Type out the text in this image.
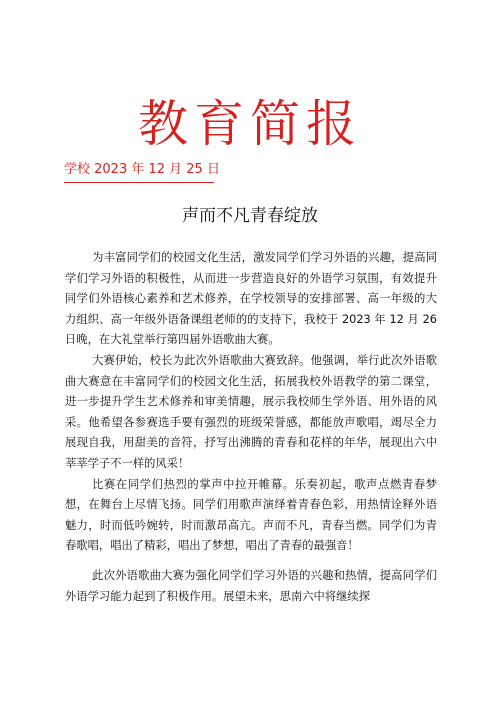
教育简报
学校 2023 年 12 月 25 日
声而不凡青春绽放

为丰富同学们的校园文化生活，激发同学们学习外语的兴趣，提高同学们学习外语的积极性，从而进一步营造良好的外语学习氛围，有效提升同学们外语核心素养和艺术修养，在学校领导的安排部署、高一年级的大力组织、高一年级外语备课组老师的的支持下，我校于 2023 年 12 月 26 日晚，在大礼堂举行第四届外语歌曲大赛。

大赛伊始，校长为此次外语歌曲大赛致辞。他强调，举行此次外语歌曲大赛意在丰富同学们的校园文化生活，拓展我校外语教学的第二课堂，进一步提升学生艺术修养和审美情趣，展示我校师生学外语、用外语的风采。他希望各参赛选手要有强烈的班级荣誉感，都能放声歌唱，竭尽全力展现自我，用甜美的音符，抒写出沸腾的青春和花样的年华，展现出六中莘莘学子不一样的风采！

比赛在同学们热烈的掌声中拉开帷幕。乐奏初起，歌声点燃青春梦想，在舞台上尽情飞扬。同学们用歌声演绎着青春色彩，用热情诠释外语魅力，时而低吟婉转，时而激昂高亢。声而不凡，青春当燃。同学们为青春歌唱，唱出了精彩，唱出了梦想，唱出了青春的最强音！

此次外语歌曲大赛为强化同学们学习外语的兴趣和热情，提高同学们外语学习能力起到了积极作用。展望未来，思南六中将继续探
